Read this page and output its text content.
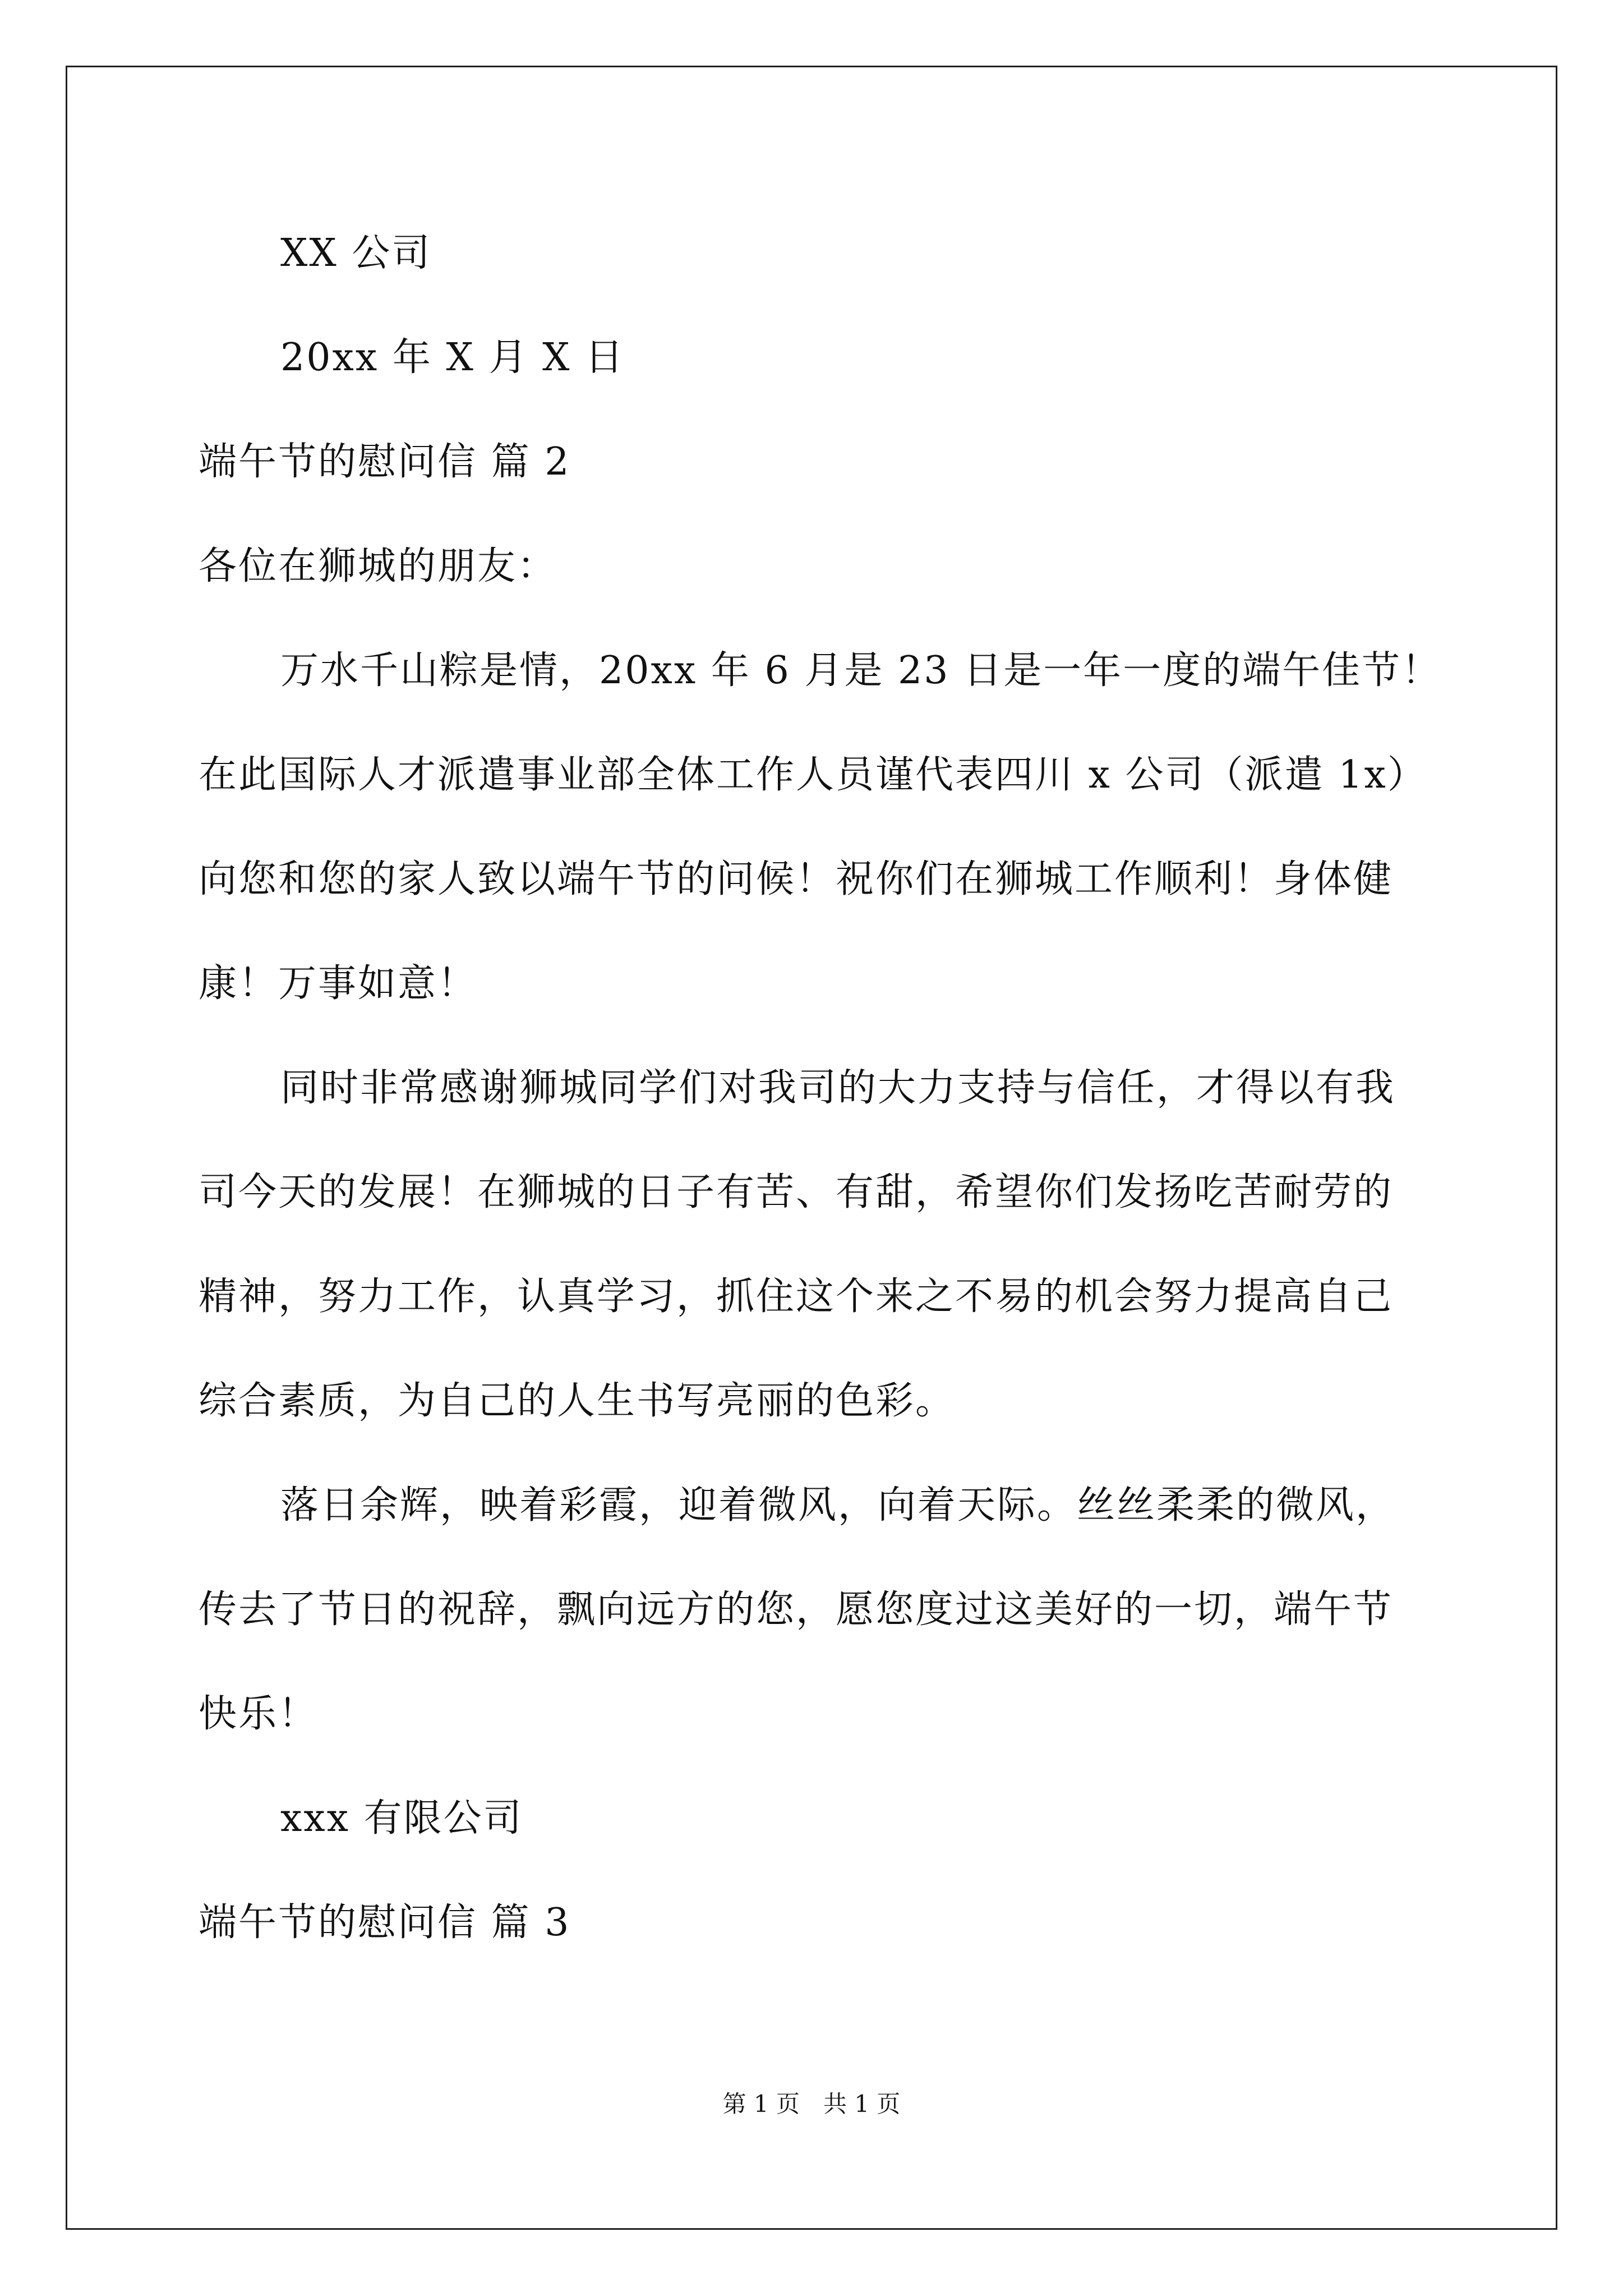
XX 公司
20xx 年 X 月 X 日
端午节的慰问信 篇 2
各位在狮城的朋友：
万水千山粽是情，20xx 年 6 月是 23 日是一年一度的端午佳节！
在此国际人才派遣事业部全体工作人员谨代表四川 x 公司（派遣 1x）
向您和您的家人致以端午节的问候！祝你们在狮城工作顺利！身体健
康！万事如意！
同时非常感谢狮城同学们对我司的大力支持与信任，才得以有我
司今天的发展！在狮城的日子有苦、有甜，希望你们发扬吃苦耐劳的
精神，努力工作，认真学习，抓住这个来之不易的机会努力提高自己
综合素质，为自己的人生书写亮丽的色彩。
落日余辉，映着彩霞，迎着微风，向着天际。丝丝柔柔的微风，
传去了节日的祝辞，飘向远方的您，愿您度过这美好的一切，端午节
快乐！
xxx 有限公司
端午节的慰问信 篇 3
第 1 页　共 1 页
